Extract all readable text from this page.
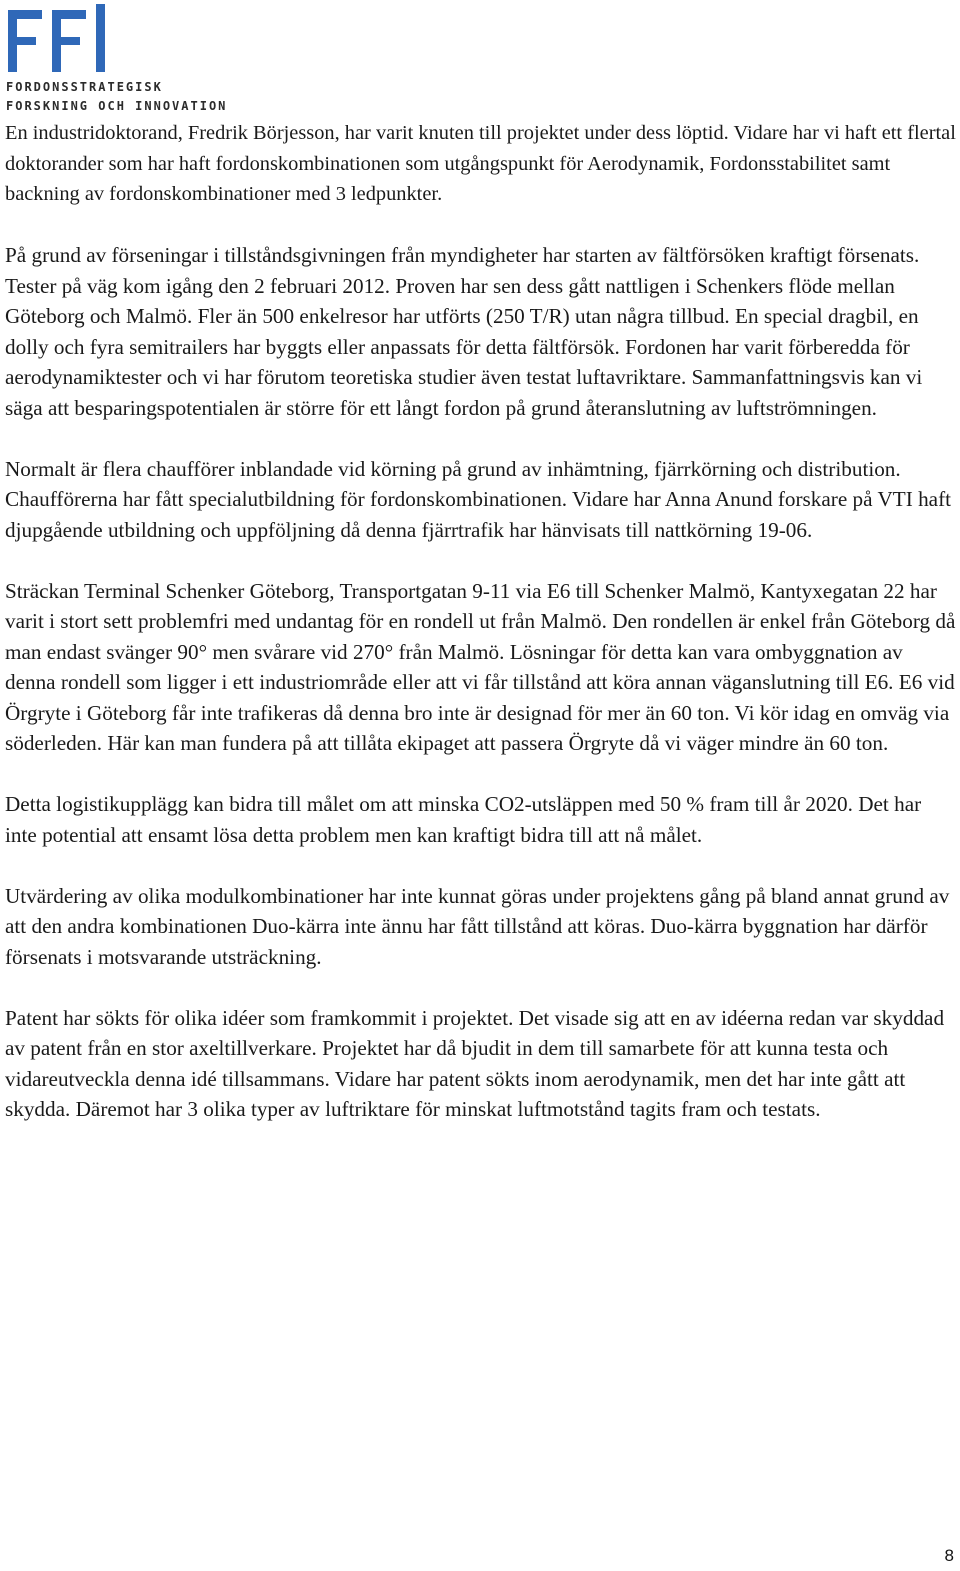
FORDONSSTRATEGISK
FORSKNING OCH INNOVATION

En industridoktorand, Fredrik Börjesson, har varit knuten till projektet under dess löptid. Vidare har vi haft ett flertal doktorander som har haft fordonskombinationen som utgångspunkt för Aerodynamik, Fordonsstabilitet samt backning av fordonskombinationer med 3 ledpunkter.

På grund av förseningar i tillståndsgivningen från myndigheter har starten av fältförsöken kraftigt försenats. Tester på väg kom igång den 2 februari 2012. Proven har sen dess gått nattligen i Schenkers flöde mellan Göteborg och Malmö. Fler än 500 enkelresor har utförts (250 T/R) utan några tillbud. En special dragbil, en dolly och fyra semitrailers har byggts eller anpassats för detta fältförsök. Fordonen har varit förberedda för aerodynamiktester och vi har förutom teoretiska studier även testat luftavriktare. Sammanfattningsvis kan vi säga att besparingspotentialen är större för ett långt fordon på grund återanslutning av luftströmningen.

Normalt är flera chaufförer inblandade vid körning på grund av inhämtning, fjärrkörning och distribution. Chaufförerna har fått specialutbildning för fordonskombinationen. Vidare har Anna Anund forskare på VTI haft djupgående utbildning och uppföljning då denna fjärrtrafik har hänvisats till nattkörning 19-06.

Sträckan Terminal Schenker Göteborg, Transportgatan 9-11 via E6 till Schenker Malmö, Kantyxegatan 22 har varit i stort sett problemfri med undantag för en rondell ut från Malmö. Den rondellen är enkel från Göteborg då man endast svänger 90° men svårare vid 270° från Malmö. Lösningar för detta kan vara ombyggnation av denna rondell som ligger i ett industriområde eller att vi får tillstånd att köra annan väganslutning till E6. E6 vid Örgryte i Göteborg får inte trafikeras då denna bro inte är designad för mer än 60 ton. Vi kör idag en omväg via söderleden. Här kan man fundera på att tillåta ekipaget att passera Örgryte då vi väger mindre än 60 ton.

Detta logistikupplägg kan bidra till målet om att minska CO2-utsläppen med 50 % fram till år 2020. Det har inte potential att ensamt lösa detta problem men kan kraftigt bidra till att nå målet.

Utvärdering av olika modulkombinationer har inte kunnat göras under projektens gång på bland annat grund av att den andra kombinationen Duo-kärra inte ännu har fått tillstånd att köras. Duo-kärra byggnation har därför försenats i motsvarande utsträckning.

Patent har sökts för olika idéer som framkommit i projektet. Det visade sig att en av idéerna redan var skyddad av patent från en stor axeltillverkare. Projektet har då bjudit in dem till samarbete för att kunna testa och vidareutveckla denna idé tillsammans. Vidare har patent sökts inom aerodynamik, men det har inte gått att skydda. Däremot har 3 olika typer av luftriktare för minskat luftmotstånd tagits fram och testats.

8
